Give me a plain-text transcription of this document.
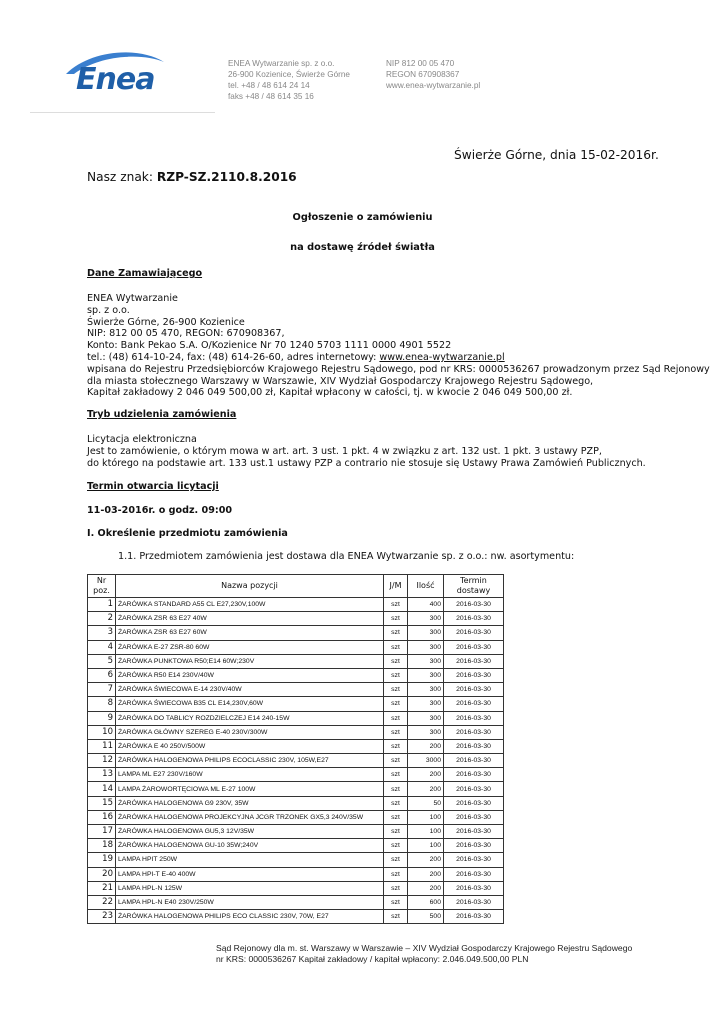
Enea	ENEA Wytwarzanie sp. z o.o.
26-900 Kozienice, Świerże Górne
tel. +48 / 48 614 24 14
faks +48 / 48 614 35 16
NIP 812 00 05 470
REGON 670908367
www.enea-wytwarzanie.pl
Świerże Górne, dnia 15-02-2016r.
Nasz znak: RZP-SZ.2110.8.2016
Ogłoszenie o zamówieniu
na dostawę źródeł światła
Dane Zamawiającego
ENEA Wytwarzanie
sp. z o.o.
Świerże Górne, 26-900 Kozienice
NIP: 812 00 05 470, REGON: 670908367,
Konto: Bank Pekao S.A. O/Kozienice Nr 70 1240 5703 1111 0000 4901 5522
tel.: (48) 614-10-24, fax: (48) 614-26-60, adres internetowy: www.enea-wytwarzanie.pl
wpisana do Rejestru Przedsiębiorców Krajowego Rejestru Sądowego, pod nr KRS: 0000536267 prowadzonym przez Sąd Rejonowy
dla miasta stołecznego Warszawy w Warszawie, XIV Wydział Gospodarczy Krajowego Rejestru Sądowego,
Kapitał zakładowy 2 046 049 500,00 zł, Kapitał wpłacony w całości, tj. w kwocie 2 046 049 500,00 zł.
Tryb udzielenia zamówienia
Licytacja elektroniczna
Jest to zamówienie, o którym mowa w art. art. 3 ust. 1 pkt. 4 w związku z art. 132 ust. 1 pkt. 3 ustawy PZP,
do którego na podstawie art. 133 ust.1 ustawy PZP a contrario nie stosuje się Ustawy Prawa Zamówień Publicznych.
Termin otwarcia licytacji
11-03-2016r. o godz. 09:00
I. Określenie przedmiotu zamówienia
1.1. Przedmiotem zamówienia jest dostawa dla ENEA Wytwarzanie sp. z o.o.: nw. asortymentu:
Nr poz.	Nazwa pozycji	J/M	Ilość	Termin dostawy
1	ŻARÓWKA STANDARD A55 CL E27,230V,100W	szt	400	2016-03-30
2	ŻARÓWKA ZSR 63 E27 40W	szt	300	2016-03-30
3	ŻARÓWKA ZSR 63 E27 60W	szt	300	2016-03-30
4	ŻARÓWKA E-27 ZSR-80 60W	szt	300	2016-03-30
5	ŻARÓWKA PUNKTOWA R50;E14 60W;230V	szt	300	2016-03-30
6	ŻARÓWKA R50 E14 230V/40W	szt	300	2016-03-30
7	ŻARÓWKA ŚWIECOWA E-14 230V/40W	szt	300	2016-03-30
8	ŻARÓWKA ŚWIECOWA B35 CL E14,230V,60W	szt	300	2016-03-30
9	ŻARÓWKA DO TABLICY ROZDZIELCZEJ E14 240-15W	szt	300	2016-03-30
10	ŻARÓWKA GŁÓWNY SZEREG E-40 230V/300W	szt	300	2016-03-30
11	ŻARÓWKA E 40 250V/500W	szt	200	2016-03-30
12	ŻARÓWKA HALOGENOWA PHILIPS ECOCLASSIC 230V, 105W,E27	szt	3000	2016-03-30
13	LAMPA ML E27 230V/160W	szt	200	2016-03-30
14	LAMPA ŻAROWORTĘCIOWA ML E-27 100W	szt	200	2016-03-30
15	ŻARÓWKA HALOGENOWA G9 230V, 35W	szt	50	2016-03-30
16	ŻARÓWKA HALOGENOWA PROJEKCYJNA JCGR TRZONEK GX5,3 240V/35W	szt	100	2016-03-30
17	ŻARÓWKA HALOGENOWA GU5,3 12V/35W	szt	100	2016-03-30
18	ŻARÓWKA HALOGENOWA GU-10 35W;240V	szt	100	2016-03-30
19	LAMPA HPIT 250W	szt	200	2016-03-30
20	LAMPA HPI-T E-40 400W	szt	200	2016-03-30
21	LAMPA HPL-N 125W	szt	200	2016-03-30
22	LAMPA HPL-N E40 230V/250W	szt	600	2016-03-30
23	ŻARÓWKA HALOGENOWA PHILIPS ECO CLASSIC 230V, 70W, E27	szt	500	2016-03-30
Sąd Rejonowy dla m. st. Warszawy w Warszawie – XIV Wydział Gospodarczy Krajowego Rejestru Sądowego
nr KRS: 0000536267 Kapitał zakładowy / kapitał wpłacony: 2.046.049.500,00 PLN
